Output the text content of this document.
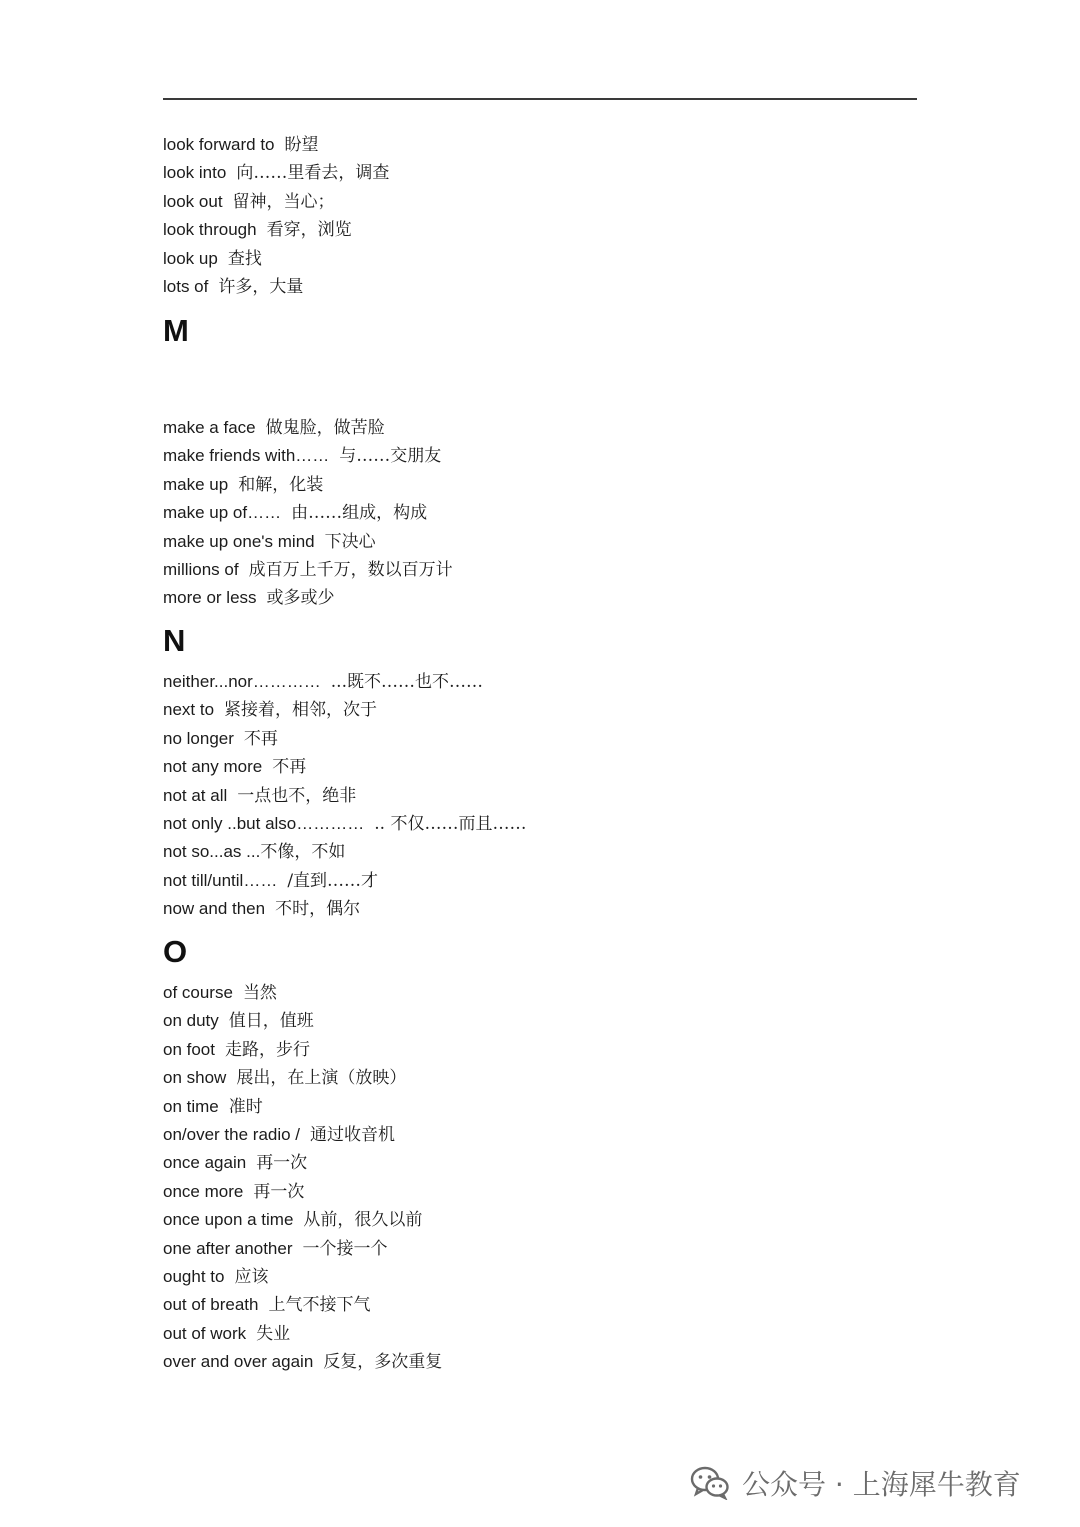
look forward to 盼望
look into 向……里看去，调查
look out 留神，当心；
look through 看穿，浏览
look up 查找
lots of 许多，大量
M
make a face 做鬼脸，做苦脸
make friends with…… 与……交朋友
make up 和解，化装
make up of…… 由……组成，构成
make up one's mind 下决心
millions of 成百万上千万，数以百万计
more or less 或多或少
N
neither...nor………… ...既不……也不……
next to 紧接着，相邻，次于
no longer 不再
not any more 不再
not at all 一点也不，绝非
not only ..but also………… .. 不仅……而且……
not so...as ...不像，不如
not till/until…… /直到……才
now and then 不时，偶尔
O
of course 当然
on duty 值日，值班
on foot 走路，步行
on show 展出，在上演（放映）
on time 准时
on/over the radio / 通过收音机
once again 再一次
once more 再一次
once upon a time 从前，很久以前
one after another 一个接一个
ought to 应该
out of breath 上气不接下气
out of work 失业
over and over again 反复，多次重复
公众号 · 上海犀牛教育
